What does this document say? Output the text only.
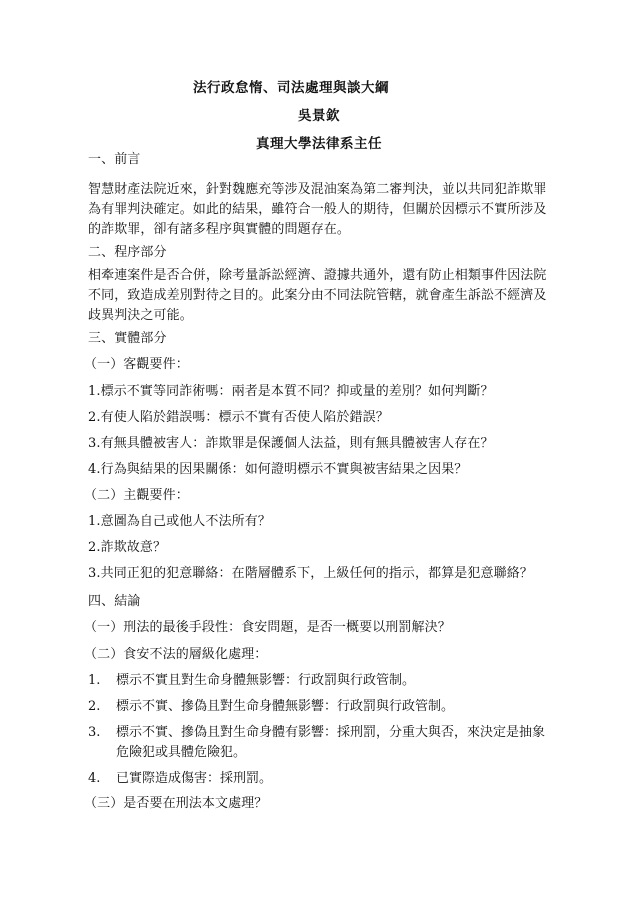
法行政怠惰、司法處理與談大綱
吳景欽
真理大學法律系主任
一、前言
智慧財產法院近來，針對魏應充等涉及混油案為第二審判決，並以共同犯詐欺罪
為有罪判決確定。如此的結果，雖符合一般人的期待，但關於因標示不實所涉及
的詐欺罪，卻有諸多程序與實體的問題存在。
二、程序部分
相牽連案件是否合併，除考量訴訟經濟、證據共通外，還有防止相類事件因法院
不同，致造成差別對待之目的。此案分由不同法院管轄，就會產生訴訟不經濟及
歧異判決之可能。
三、實體部分
（一）客觀要件：
1.標示不實等同詐術嗎：兩者是本質不同？抑或量的差別？如何判斷？
2.有使人陷於錯誤嗎：標示不實有否使人陷於錯誤？
3.有無具體被害人：詐欺罪是保護個人法益，則有無具體被害人存在？
4.行為與結果的因果關係：如何證明標示不實與被害結果之因果？
（二）主觀要件：
1.意圖為自己或他人不法所有？
2.詐欺故意？
3.共同正犯的犯意聯絡：在階層體系下，上級任何的指示，都算是犯意聯絡？
四、結論
（一）刑法的最後手段性：食安問題，是否一概要以刑罰解決？
（二）食安不法的層級化處理：
1. 標示不實且對生命身體無影響：行政罰與行政管制。
2. 標示不實、摻偽且對生命身體無影響：行政罰與行政管制。
3. 標示不實、摻偽且對生命身體有影響：採刑罰，分重大與否，來決定是抽象
危險犯或具體危險犯。
4. 已實際造成傷害：採刑罰。
（三）是否要在刑法本文處理？
